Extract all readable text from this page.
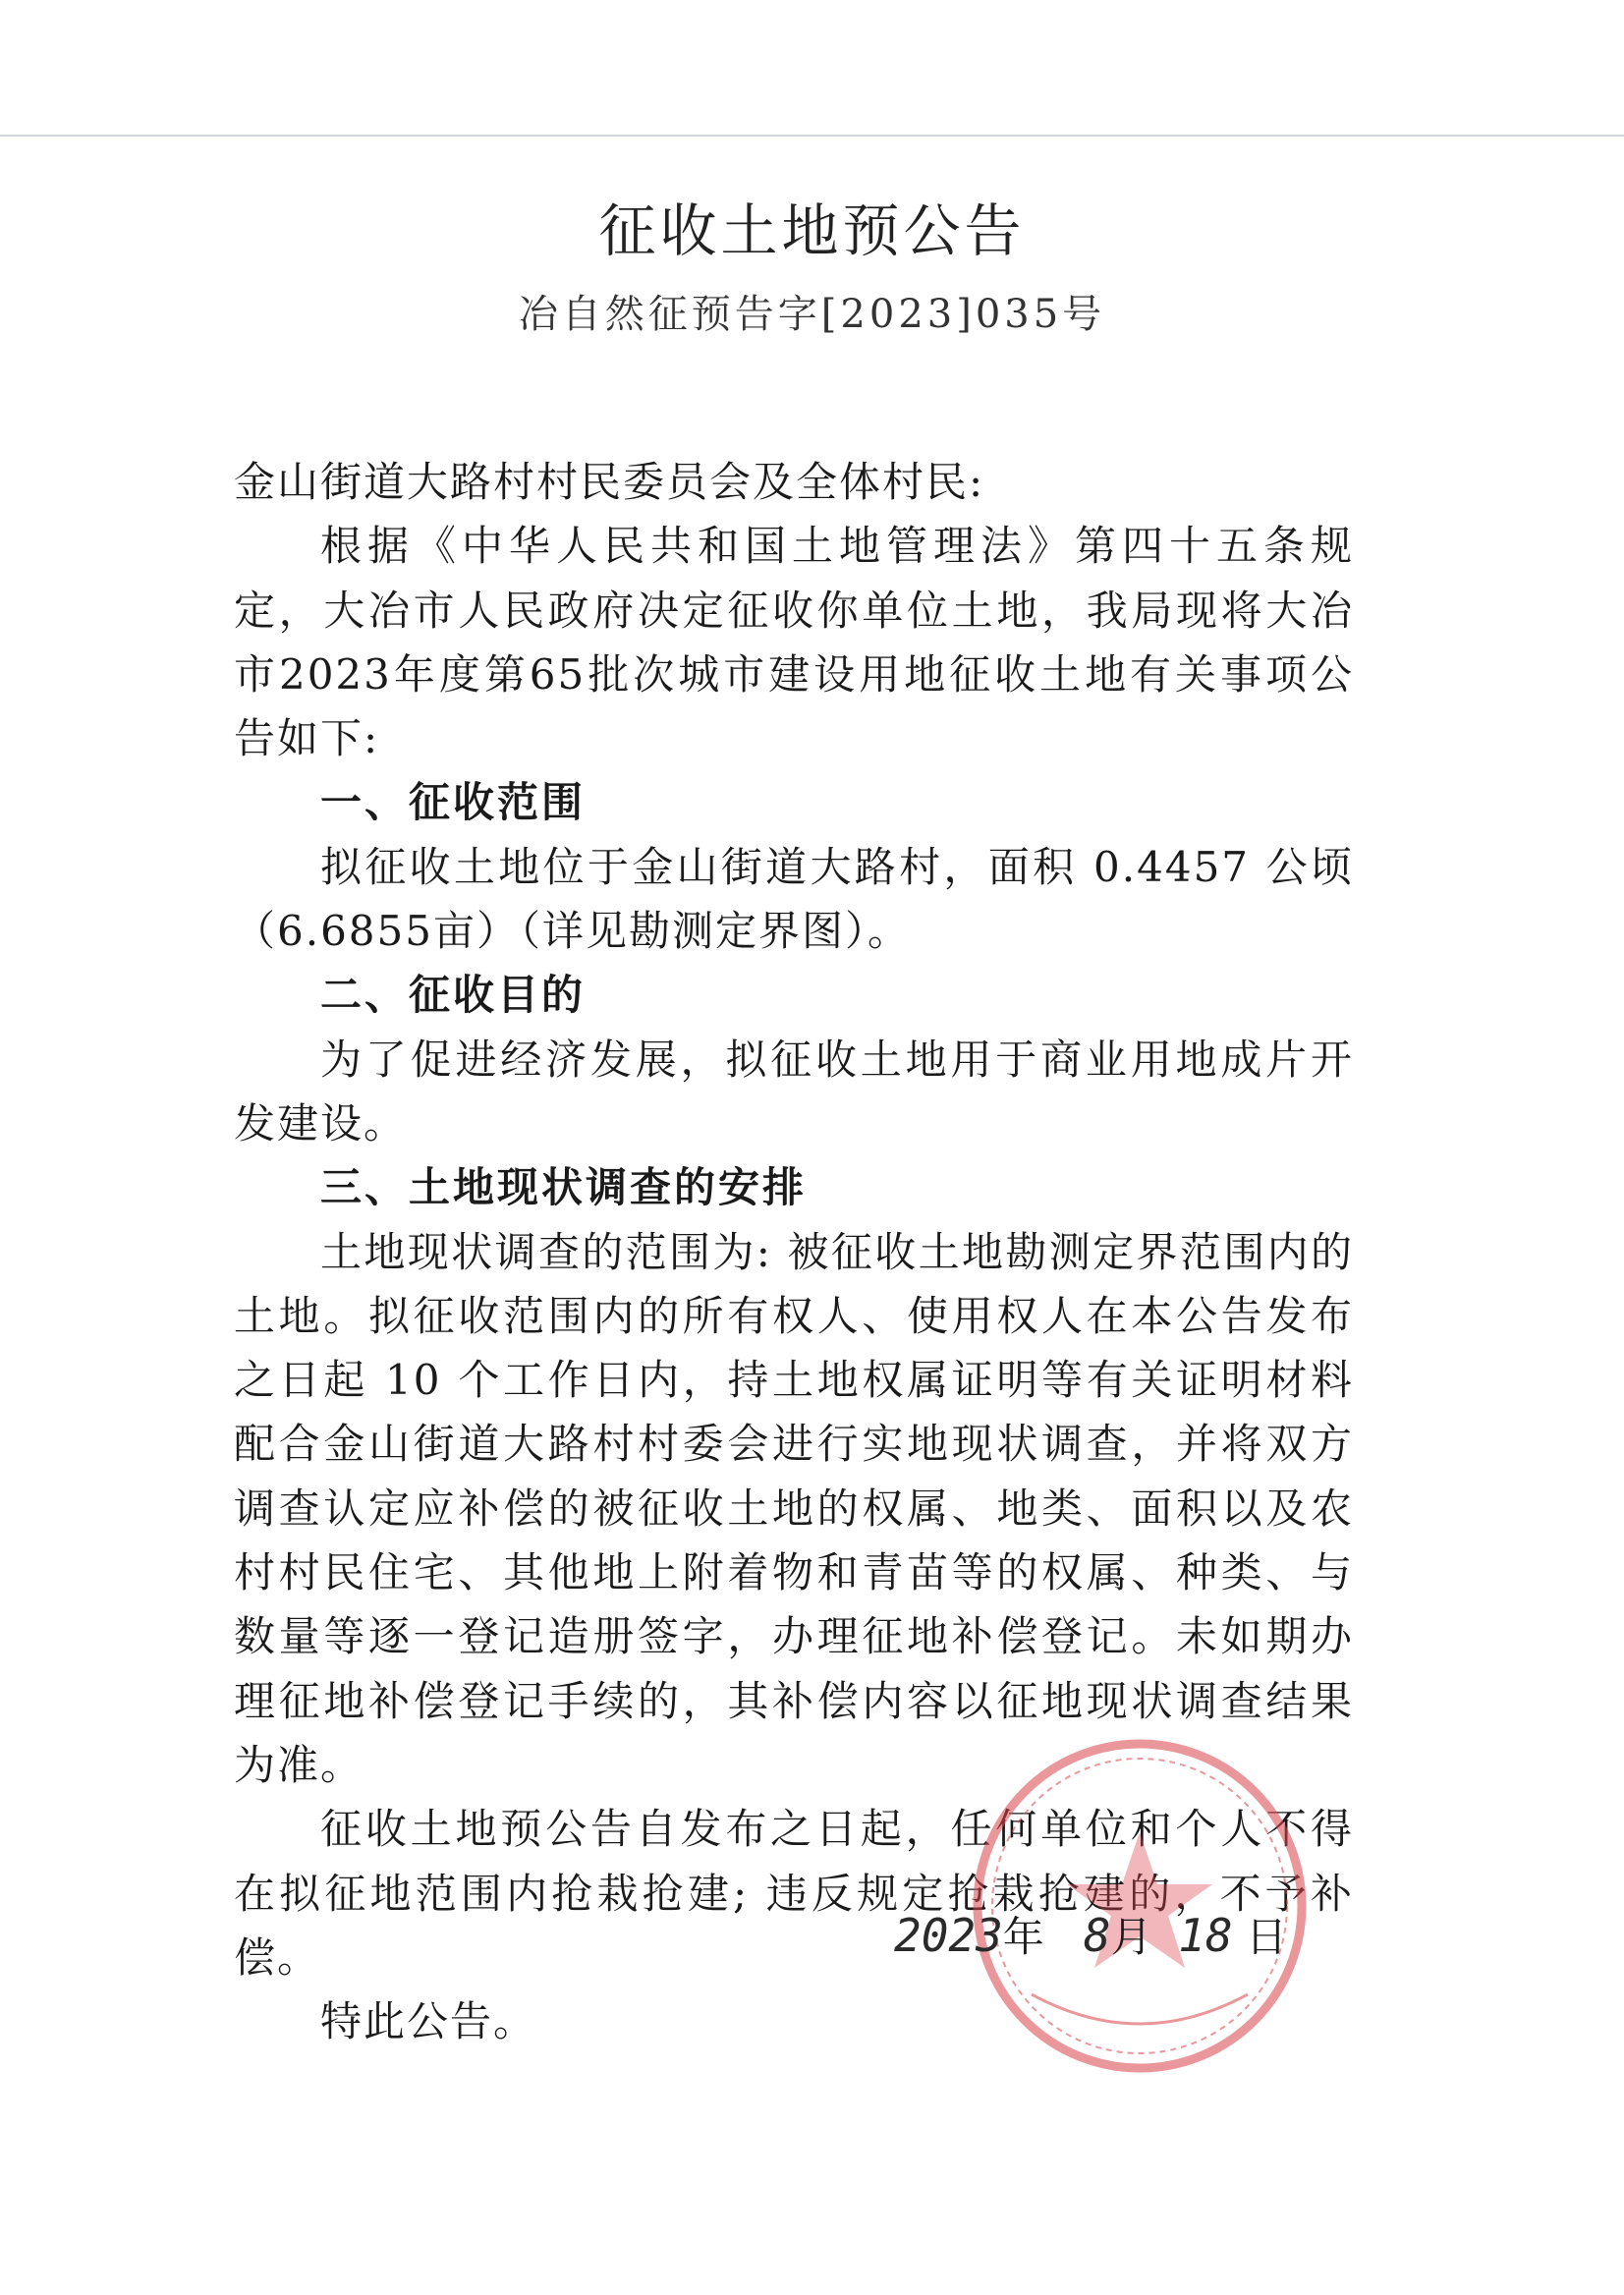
征收土地预公告
冶自然征预告字[2023]035号

金山街道大路村村民委员会及全体村民:

根据《中华人民共和国土地管理法》第四十五条规定，大冶市人民政府决定征收你单位土地，我局现将大冶市2023年度第65批次城市建设用地征收土地有关事项公告如下:

一、征收范围

拟征收土地位于金山街道大路村，面积 0.4457 公顷（6.6855亩）（详见勘测定界图）。

二、征收目的

为了促进经济发展，拟征收土地用于商业用地成片开发建设。

三、土地现状调查的安排

土地现状调查的范围为: 被征收土地勘测定界范围内的土地。拟征收范围内的所有权人、使用权人在本公告发布之日起 10 个工作日内，持土地权属证明等有关证明材料配合金山街道大路村村委会进行实地现状调查，并将双方调查认定应补偿的被征收土地的权属、地类、面积以及农村村民住宅、其他地上附着物和青苗等的权属、种类、与数量等逐一登记造册签字，办理征地补偿登记。未如期办理征地补偿登记手续的，其补偿内容以征地现状调查结果为准。

征收土地预公告自发布之日起，任何单位和个人不得在拟征地范围内抢栽抢建; 违反规定抢栽抢建的，不予补偿。

特此公告。

2023年 8月 18 日
